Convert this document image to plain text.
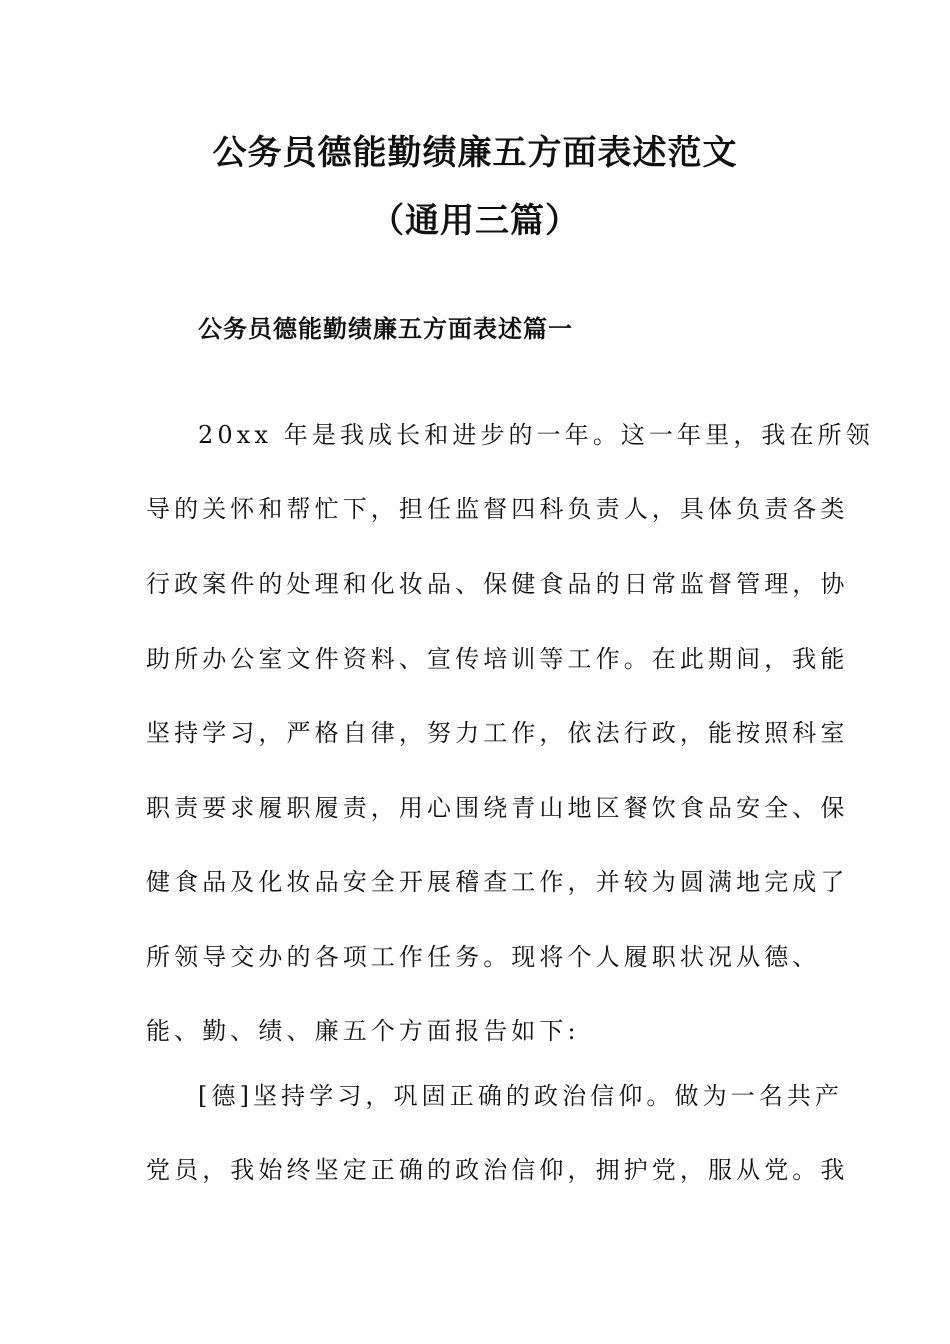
公务员德能勤绩廉五方面表述范文
（通用三篇）
公务员德能勤绩廉五方面表述篇一
20xx 年是我成长和进步的一年。这一年里，我在所领
导的关怀和帮忙下，担任监督四科负责人，具体负责各类
行政案件的处理和化妆品、保健食品的日常监督管理，协
助所办公室文件资料、宣传培训等工作。在此期间，我能
坚持学习，严格自律，努力工作，依法行政，能按照科室
职责要求履职履责，用心围绕青山地区餐饮食品安全、保
健食品及化妆品安全开展稽查工作，并较为圆满地完成了
所领导交办的各项工作任务。现将个人履职状况从德、
能、勤、绩、廉五个方面报告如下:
[德]坚持学习，巩固正确的政治信仰。做为一名共产
党员，我始终坚定正确的政治信仰，拥护党，服从党。我
